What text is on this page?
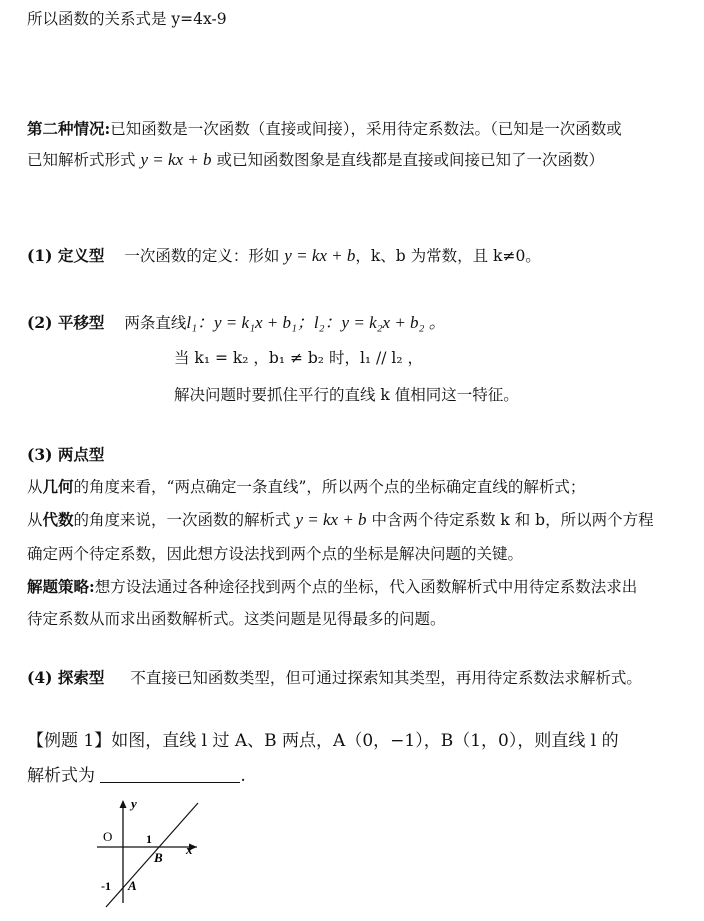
所以函数的关系式是 y=4x-9
第二种情况:已知函数是一次函数（直接或间接），采用待定系数法。（已知是一次函数或
已知解析式形式 y = kx + b 或已知函数图象是直线都是直接或间接已知了一次函数）
(1) 定义型 一次函数的定义：形如 y = kx + b，k、b 为常数，且 k≠0。
(2) 平移型 两条直线l₁：y = k₁x + b₁；l₂：y = k₂x + b₂ 。
当 k₁ = k₂ ，b₁ ≠ b₂ 时，l₁ // l₂ ，
解决问题时要抓住平行的直线 k 值相同这一特征。
(3) 两点型
从几何的角度来看，“两点确定一条直线”，所以两个点的坐标确定直线的解析式；
从代数的角度来说，一次函数的解析式 y = kx + b 中含两个待定系数 k 和 b，所以两个方程
确定两个待定系数，因此想方设法找到两个点的坐标是解决问题的关键。
解题策略:想方设法通过各种途径找到两个点的坐标，代入函数解析式中用待定系数法求出
待定系数从而求出函数解析式。这类问题是见得最多的问题。
(4) 探索型 不直接已知函数类型，但可通过探索知其类型，再用待定系数法求解析式。
【例题 1】如图，直线 l 过 A、B 两点，A（0，−1），B（1，0），则直线 l 的
解析式为	.
y
x
O	1
-1 A
B
